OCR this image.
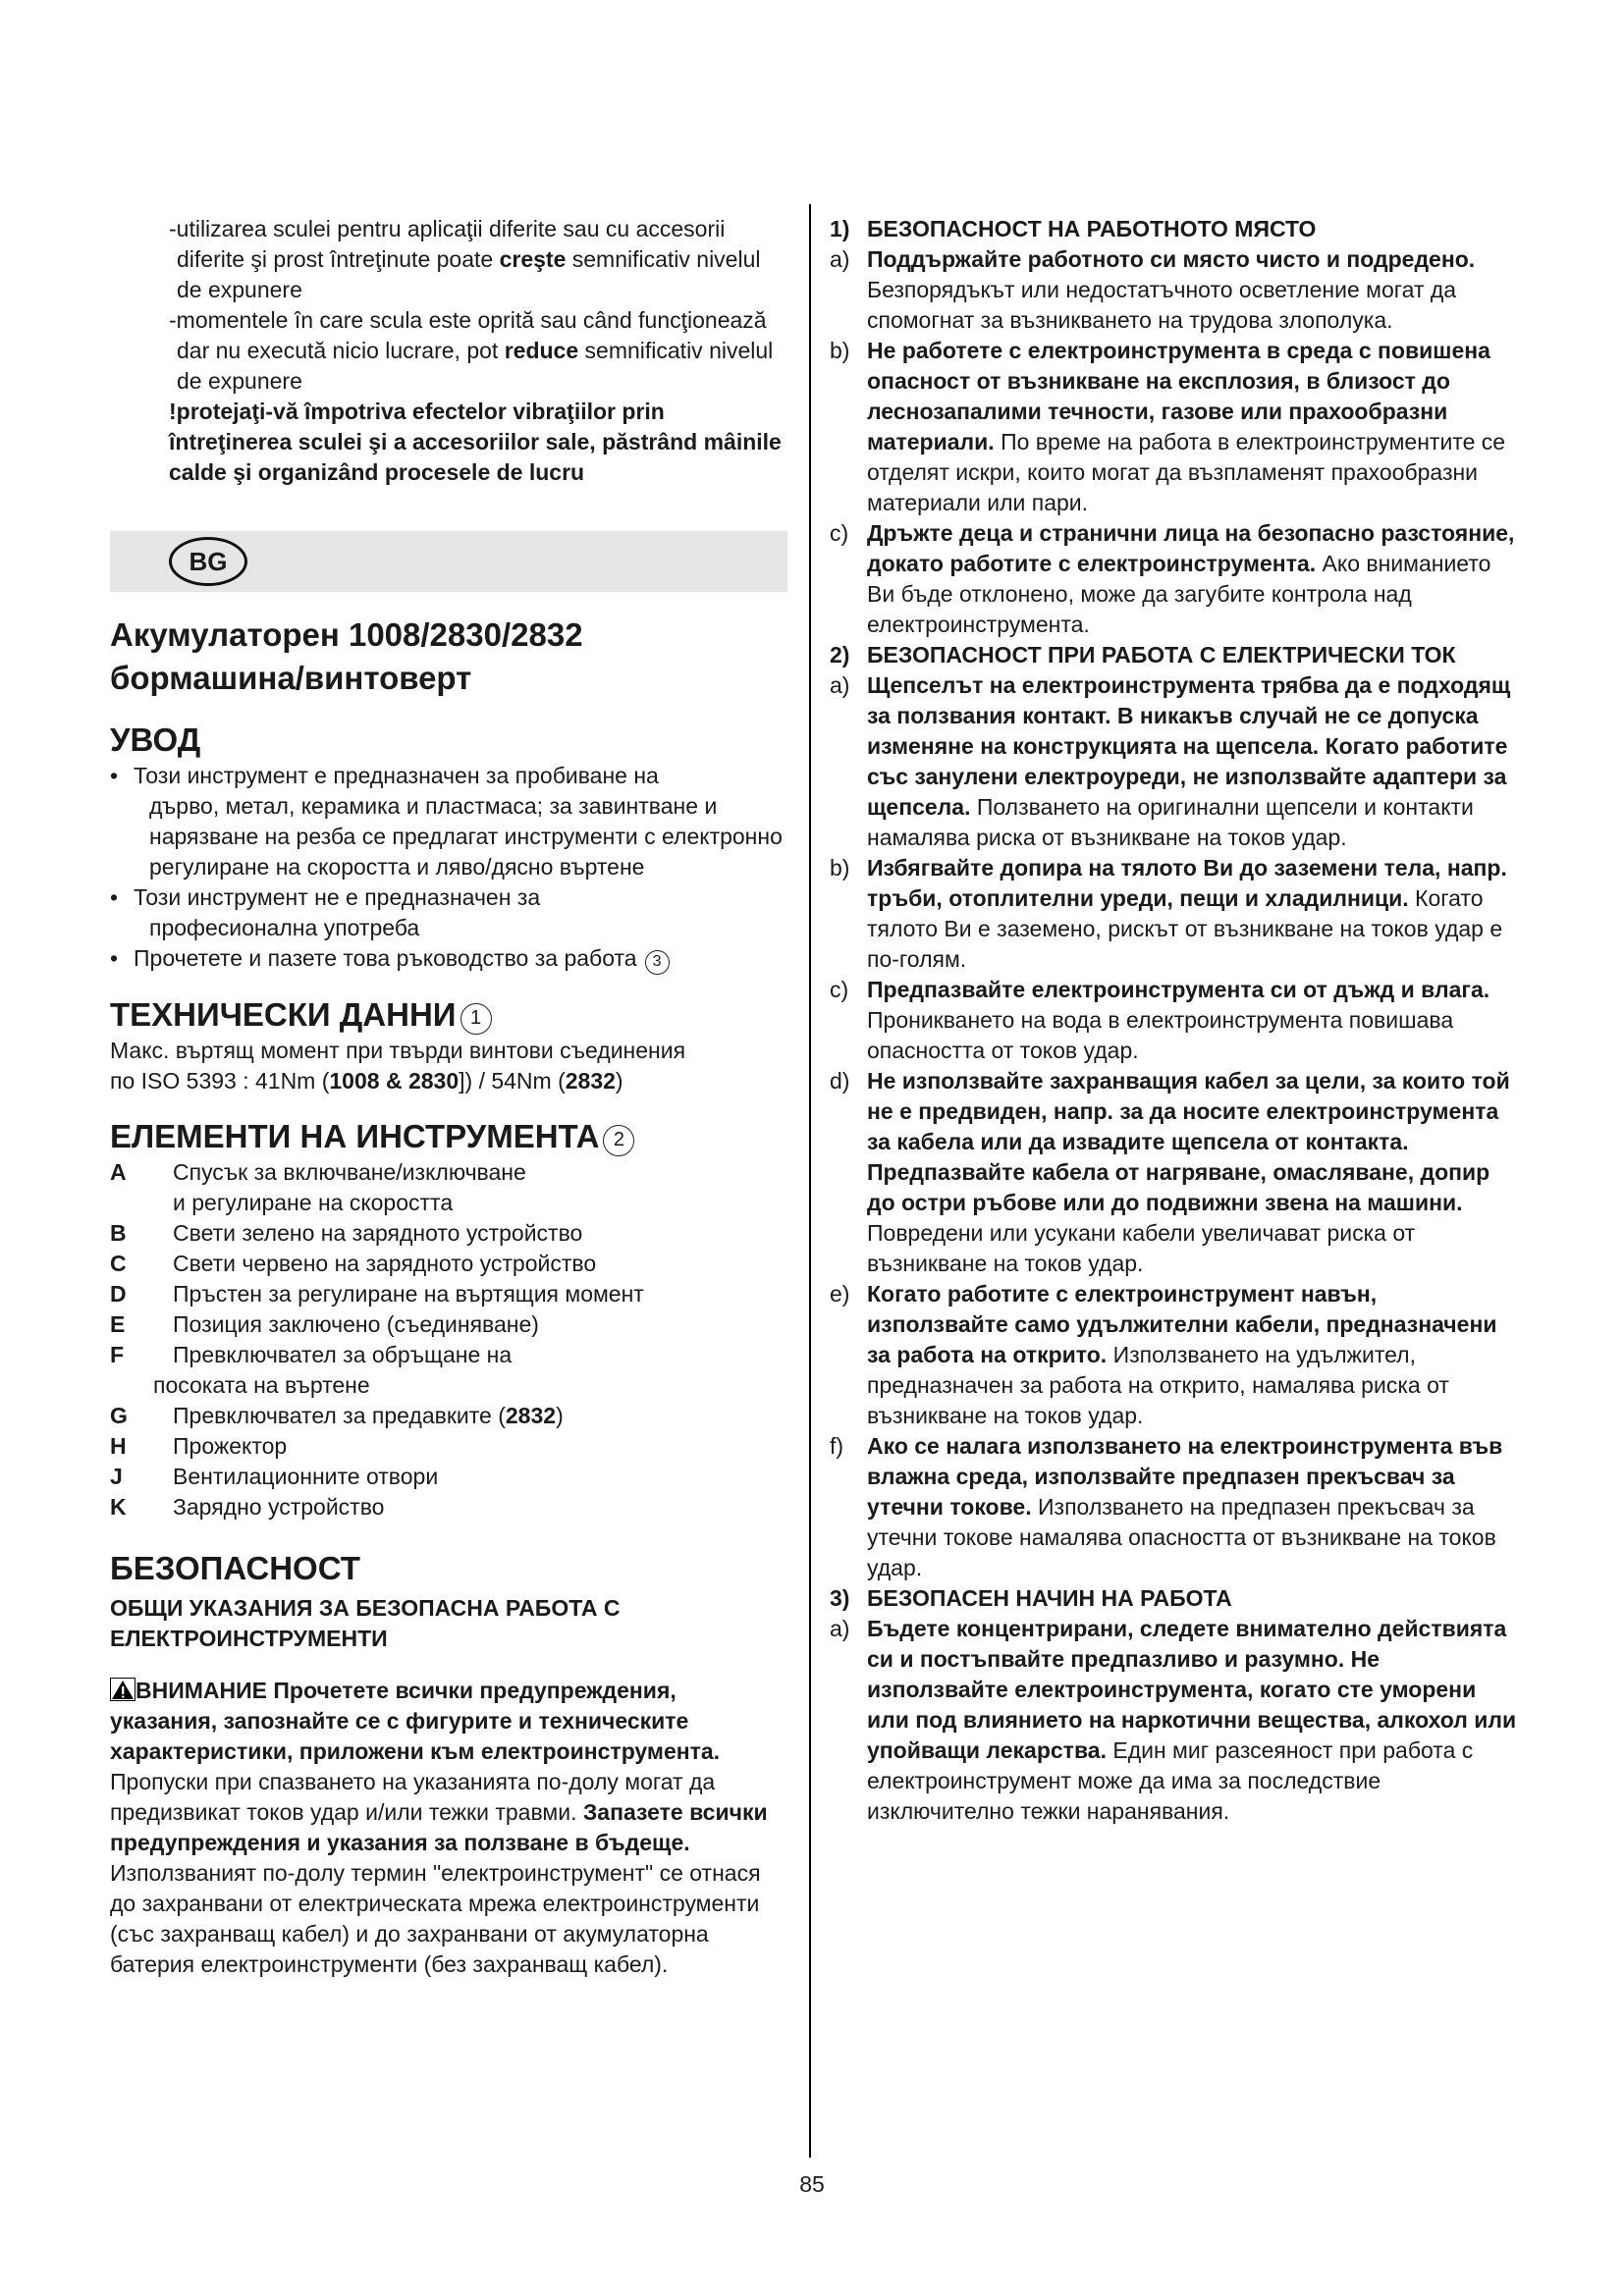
-utilizarea sculei pentru aplicaţii diferite sau cu accesorii diferite şi prost întreţinute poate creşte semnificativ nivelul de expunere

-momentele în care scula este oprită sau când funcţionează dar nu execută nicio lucrare, pot reduce semnificativ nivelul de expunere

!protejaţi-vă împotriva efectelor vibraţiilor prin întreţinerea sculei şi a accesoriilor sale, păstrând mâinile calde şi organizând procesele de lucru

BG
Акумулаторен 1008/2830/2832
бормашина/винтоверт
УВОД
• Този инструмент е предназначен за пробиване на
дърво, метал, керамика и пластмаса; за завинтване и нарязване на резба се предлагат инструменти с електронно регулиране на скоростта и ляво/дясно въртене
• Този инструмент не е предназначен за
професионална употреба
• Прочетете и пазете това ръководство за работа 3
ТЕХНИЧЕСКИ ДАННИ 1

Макс. въртящ момент при твърди винтови съединения

по ISO 5393 : 41Nm (1008 & 2830]) / 54Nm (2832)

ЕЛЕМЕНТИ НА ИНСТРУМЕНТА 2
A	Спусък за включване/изключване
и регулиране на скоростта
B	Свети зелено на зарядното устройство
C	Свети червено на зарядното устройство
D	Пръстен за регулиране на въртящия момент
E	Позиция заключено (съединяване)
F	Превключвател за обръщане на
посоката на въртене
G	Превключвател за предавките (2832)
H	Прожектор
J	Вентилационните отвори
K	Зарядно устройство
БЕЗОПАСНОСТ
ОБЩИ УКАЗАНИЯ ЗА БЕЗОПАСНА РАБОТА С ЕЛЕКТРОИНСТРУМЕНТИ

ВНИМАНИЕ Прочетете всички предупреждения, указания, запознайте се с фигурите и техническите характеристики, приложени към електроинструмента. Пропуски при спазването на указанията по-долу могат да предизвикат токов удар и/или тежки травми. Запазете всички предупреждения и указания за ползване в бъдеще. Използваният по-долу термин "електроинструмент" се отнася до захранвани от електрическата мрежа електроинструменти (със захранващ кабел) и до захранвани от акумулаторна батерия електроинструменти (без захранващ кабел).

1) БЕЗОПАСНОСТ НА РАБОТНОТО МЯСТО
a) Поддържайте работното си място чисто и подредено. Безпорядъкът или недостатъчното осветление могат да спомогнат за възникването на трудова злополука.
b) Не работете с електроинструмента в среда с повишена опасност от възникване на експлозия, в близост до леснозапалими течности, газове или прахообразни материали. По време на работа в електроинструментите се отделят искри, които могат да възпламенят прахообразни материали или пари.
c) Дръжте деца и странични лица на безопасно разстояние, докато работите с електроинструмента. Ако вниманието Ви бъде отклонено, може да загубите контрола над електроинструмента.
2) БЕЗОПАСНОСТ ПРИ РАБОТА С ЕЛЕКТРИЧЕСКИ ТОК
a) Щепселът на електроинструмента трябва да е подходящ за ползвания контакт. В никакъв случай не се допуска изменяне на конструкцията на щепсела. Когато работите със занулени електроуреди, не използвайте адаптери за щепсела. Ползването на оригинални щепсели и контакти намалява риска от възникване на токов удар.
b) Избягвайте допира на тялото Ви до заземени тела, напр. тръби, отоплителни уреди, пещи и хладилници. Когато тялото Ви е заземено, рискът от възникване на токов удар е по-голям.
c) Предпазвайте електроинструмента си от дъжд и влага. Проникването на вода в електроинструмента повишава опасността от токов удар.
d) Не използвайте захранващия кабел за цели, за които той не е предвиден, напр. за да носите електроинструмента за кабела или да извадите щепсела от контакта. Предпазвайте кабела от нагряване, омасляване, допир до остри ръбове или до подвижни звена на машини. Повредени или усукани кабели увеличават риска от възникване на токов удар.
e) Когато работите с електроинструмент навън, използвайте само удължителни кабели, предназначени за работа на открито. Използването на удължител, предназначен за работа на открито, намалява риска от възникване на токов удар.
f)	Ако се налага използването на електроинструмента във влажна среда, използвайте предпазен прекъсвач за утечни токове. Използването на предпазен прекъсвач за утечни токове намалява опасността от възникване на токов удар.
3) БЕЗОПАСЕН НАЧИН НА РАБОТА
a) Бъдете концентрирани, следете внимателно действията си и постъпвайте предпазливо и разумно. Не използвайте електроинструмента, когато сте уморени или под влиянието на наркотични вещества, алкохол или упойващи лекарства. Един миг разсеяност при работа с електроинструмент може да има за последствие изключително тежки наранявания.
85
